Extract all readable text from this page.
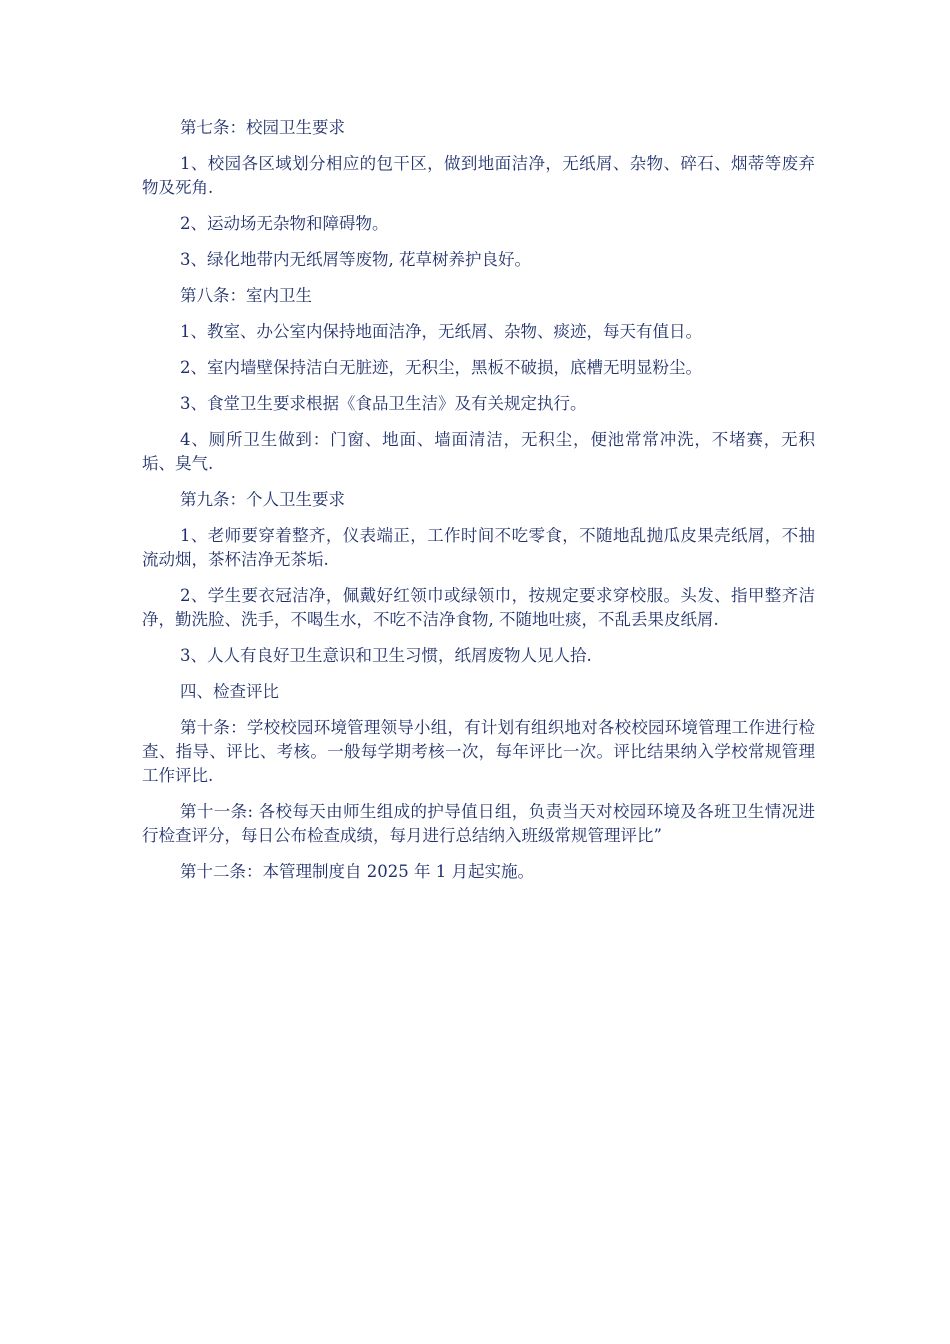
第七条：校园卫生要求

1、校园各区域划分相应的包干区，做到地面洁净，无纸屑、杂物、碎石、烟蒂等废弃物及死角.

2、运动场无杂物和障碍物。

3、绿化地带内无纸屑等废物, 花草树养护良好。

第八条：室内卫生

1、教室、办公室内保持地面洁净，无纸屑、杂物、痰迹，每天有值日。

2、室内墙壁保持洁白无脏迹，无积尘，黑板不破损，底槽无明显粉尘。

3、食堂卫生要求根据《食品卫生洁》及有关规定执行。

4、厕所卫生做到：门窗、地面、墙面清洁，无积尘，便池常常冲洗，不堵赛，无积垢、臭气.

第九条：个人卫生要求

1、老师要穿着整齐，仪表端正，工作时间不吃零食，不随地乱抛瓜皮果壳纸屑，不抽流动烟，茶杯洁净无茶垢.

2、学生要衣冠洁净，佩戴好红领巾或绿领巾，按规定要求穿校服。头发、指甲整齐洁净，勤洗脸、洗手，不喝生水，不吃不洁净食物, 不随地吐痰，不乱丢果皮纸屑.

3、人人有良好卫生意识和卫生习惯，纸屑废物人见人拾.

四、检查评比

第十条：学校校园环境管理领导小组，有计划有组织地对各校校园环境管理工作进行检查、指导、评比、考核。一般每学期考核一次，每年评比一次。评比结果纳入学校常规管理工作评比.

第十一条: 各校每天由师生组成的护导值日组，负责当天对校园环境及各班卫生情况进行检查评分，每日公布检查成绩，每月进行总结纳入班级常规管理评比”

第十二条：本管理制度自 2025 年 1 月起实施。
